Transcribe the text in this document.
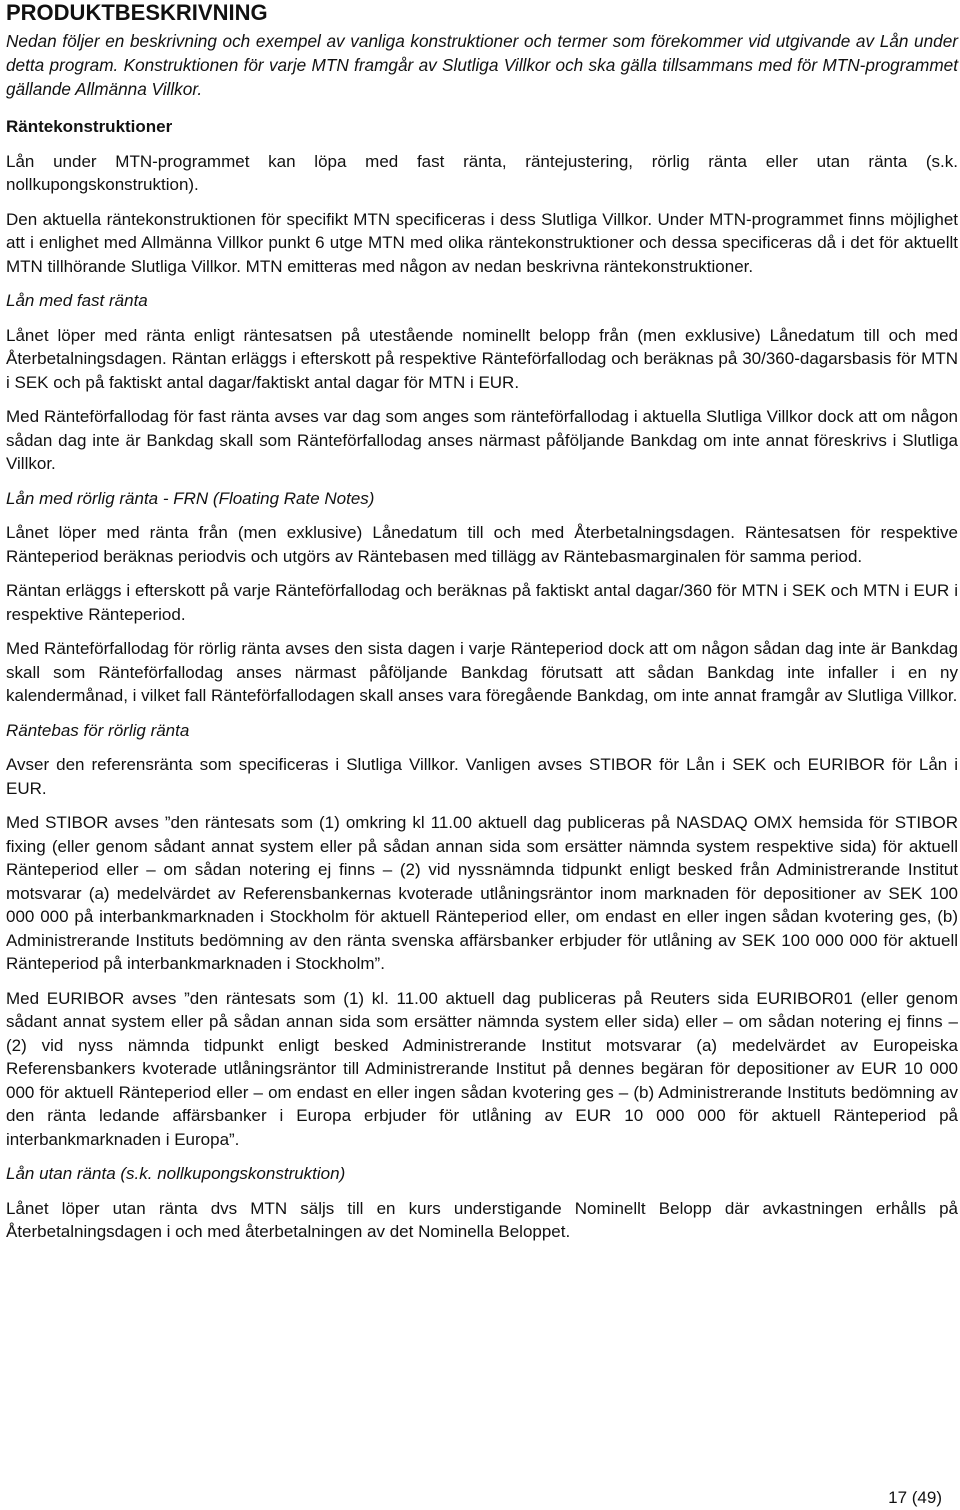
PRODUKTBESKRIVNING
Nedan följer en beskrivning och exempel av vanliga konstruktioner och termer som förekommer vid utgivande av Lån under detta program. Konstruktionen för varje MTN framgår av Slutliga Villkor och ska gälla tillsammans med för MTN-programmet gällande Allmänna Villkor.
Räntekonstruktioner

Lån under MTN-programmet kan löpa med fast ränta, räntejustering, rörlig ränta eller utan ränta (s.k. nollkupongskonstruktion).

Den aktuella räntekonstruktionen för specifikt MTN specificeras i dess Slutliga Villkor. Under MTN-programmet finns möjlighet att i enlighet med Allmänna Villkor punkt 6 utge MTN med olika räntekonstruktioner och dessa specificeras då i det för aktuellt MTN tillhörande Slutliga Villkor. MTN emitteras med någon av nedan beskrivna räntekonstruktioner.

Lån med fast ränta

Lånet löper med ränta enligt räntesatsen på utestående nominellt belopp från (men exklusive) Lånedatum till och med Återbetalningsdagen. Räntan erläggs i efterskott på respektive Ränteförfallodag och beräknas på 30/360-dagarsbasis för MTN i SEK och på faktiskt antal dagar/faktiskt antal dagar för MTN i EUR.

Med Ränteförfallodag för fast ränta avses var dag som anges som ränteförfallodag i aktuella Slutliga Villkor dock att om någon sådan dag inte är Bankdag skall som Ränteförfallodag anses närmast påföljande Bankdag om inte annat föreskrivs i Slutliga Villkor.

Lån med rörlig ränta - FRN (Floating Rate Notes)

Lånet löper med ränta från (men exklusive) Lånedatum till och med Återbetalningsdagen. Räntesatsen för respektive Ränteperiod beräknas periodvis och utgörs av Räntebasen med tillägg av Räntebasmarginalen för samma period.

Räntan erläggs i efterskott på varje Ränteförfallodag och beräknas på faktiskt antal dagar/360 för MTN i SEK och MTN i EUR i respektive Ränteperiod.

Med Ränteförfallodag för rörlig ränta avses den sista dagen i varje Ränteperiod dock att om någon sådan dag inte är Bankdag skall som Ränteförfallodag anses närmast påföljande Bankdag förutsatt att sådan Bankdag inte infaller i en ny kalendermånad, i vilket fall Ränteförfallodagen skall anses vara föregående Bankdag, om inte annat framgår av Slutliga Villkor.

Räntebas för rörlig ränta

Avser den referensränta som specificeras i Slutliga Villkor. Vanligen avses STIBOR för Lån i SEK och EURIBOR för Lån i EUR.

Med STIBOR avses ”den räntesats som (1) omkring kl 11.00 aktuell dag publiceras på NASDAQ OMX hemsida för STIBOR fixing (eller genom sådant annat system eller på sådan annan sida som ersätter nämnda system respektive sida) för aktuell Ränteperiod eller – om sådan notering ej finns – (2) vid nyssnämnda tidpunkt enligt besked från Administrerande Institut motsvarar (a) medelvärdet av Referensbankernas kvoterade utlåningsräntor inom marknaden för depositioner av SEK 100 000 000 på interbankmarknaden i Stockholm för aktuell Ränteperiod eller, om endast en eller ingen sådan kvotering ges, (b) Administrerande Instituts bedömning av den ränta svenska affärsbanker erbjuder för utlåning av SEK 100 000 000 för aktuell Ränteperiod på interbankmarknaden i Stockholm”.

Med EURIBOR avses ”den räntesats som (1) kl. 11.00 aktuell dag publiceras på Reuters sida EURIBOR01 (eller genom sådant annat system eller på sådan annan sida som ersätter nämnda system eller sida) eller – om sådan notering ej finns – (2) vid nyss nämnda tidpunkt enligt besked Administrerande Institut motsvarar (a) medelvärdet av Europeiska Referensbankers kvoterade utlåningsräntor till Administrerande Institut på dennes begäran för depositioner av EUR 10 000 000 för aktuell Ränteperiod eller – om endast en eller ingen sådan kvotering ges – (b) Administrerande Instituts bedömning av den ränta ledande affärsbanker i Europa erbjuder för utlåning av EUR 10 000 000 för aktuell Ränteperiod på interbankmarknaden i Europa”.

Lån utan ränta (s.k. nollkupongskonstruktion)

Lånet löper utan ränta dvs MTN säljs till en kurs understigande Nominellt Belopp där avkastningen erhålls på Återbetalningsdagen i och med återbetalningen av det Nominella Beloppet.

17 (49)
